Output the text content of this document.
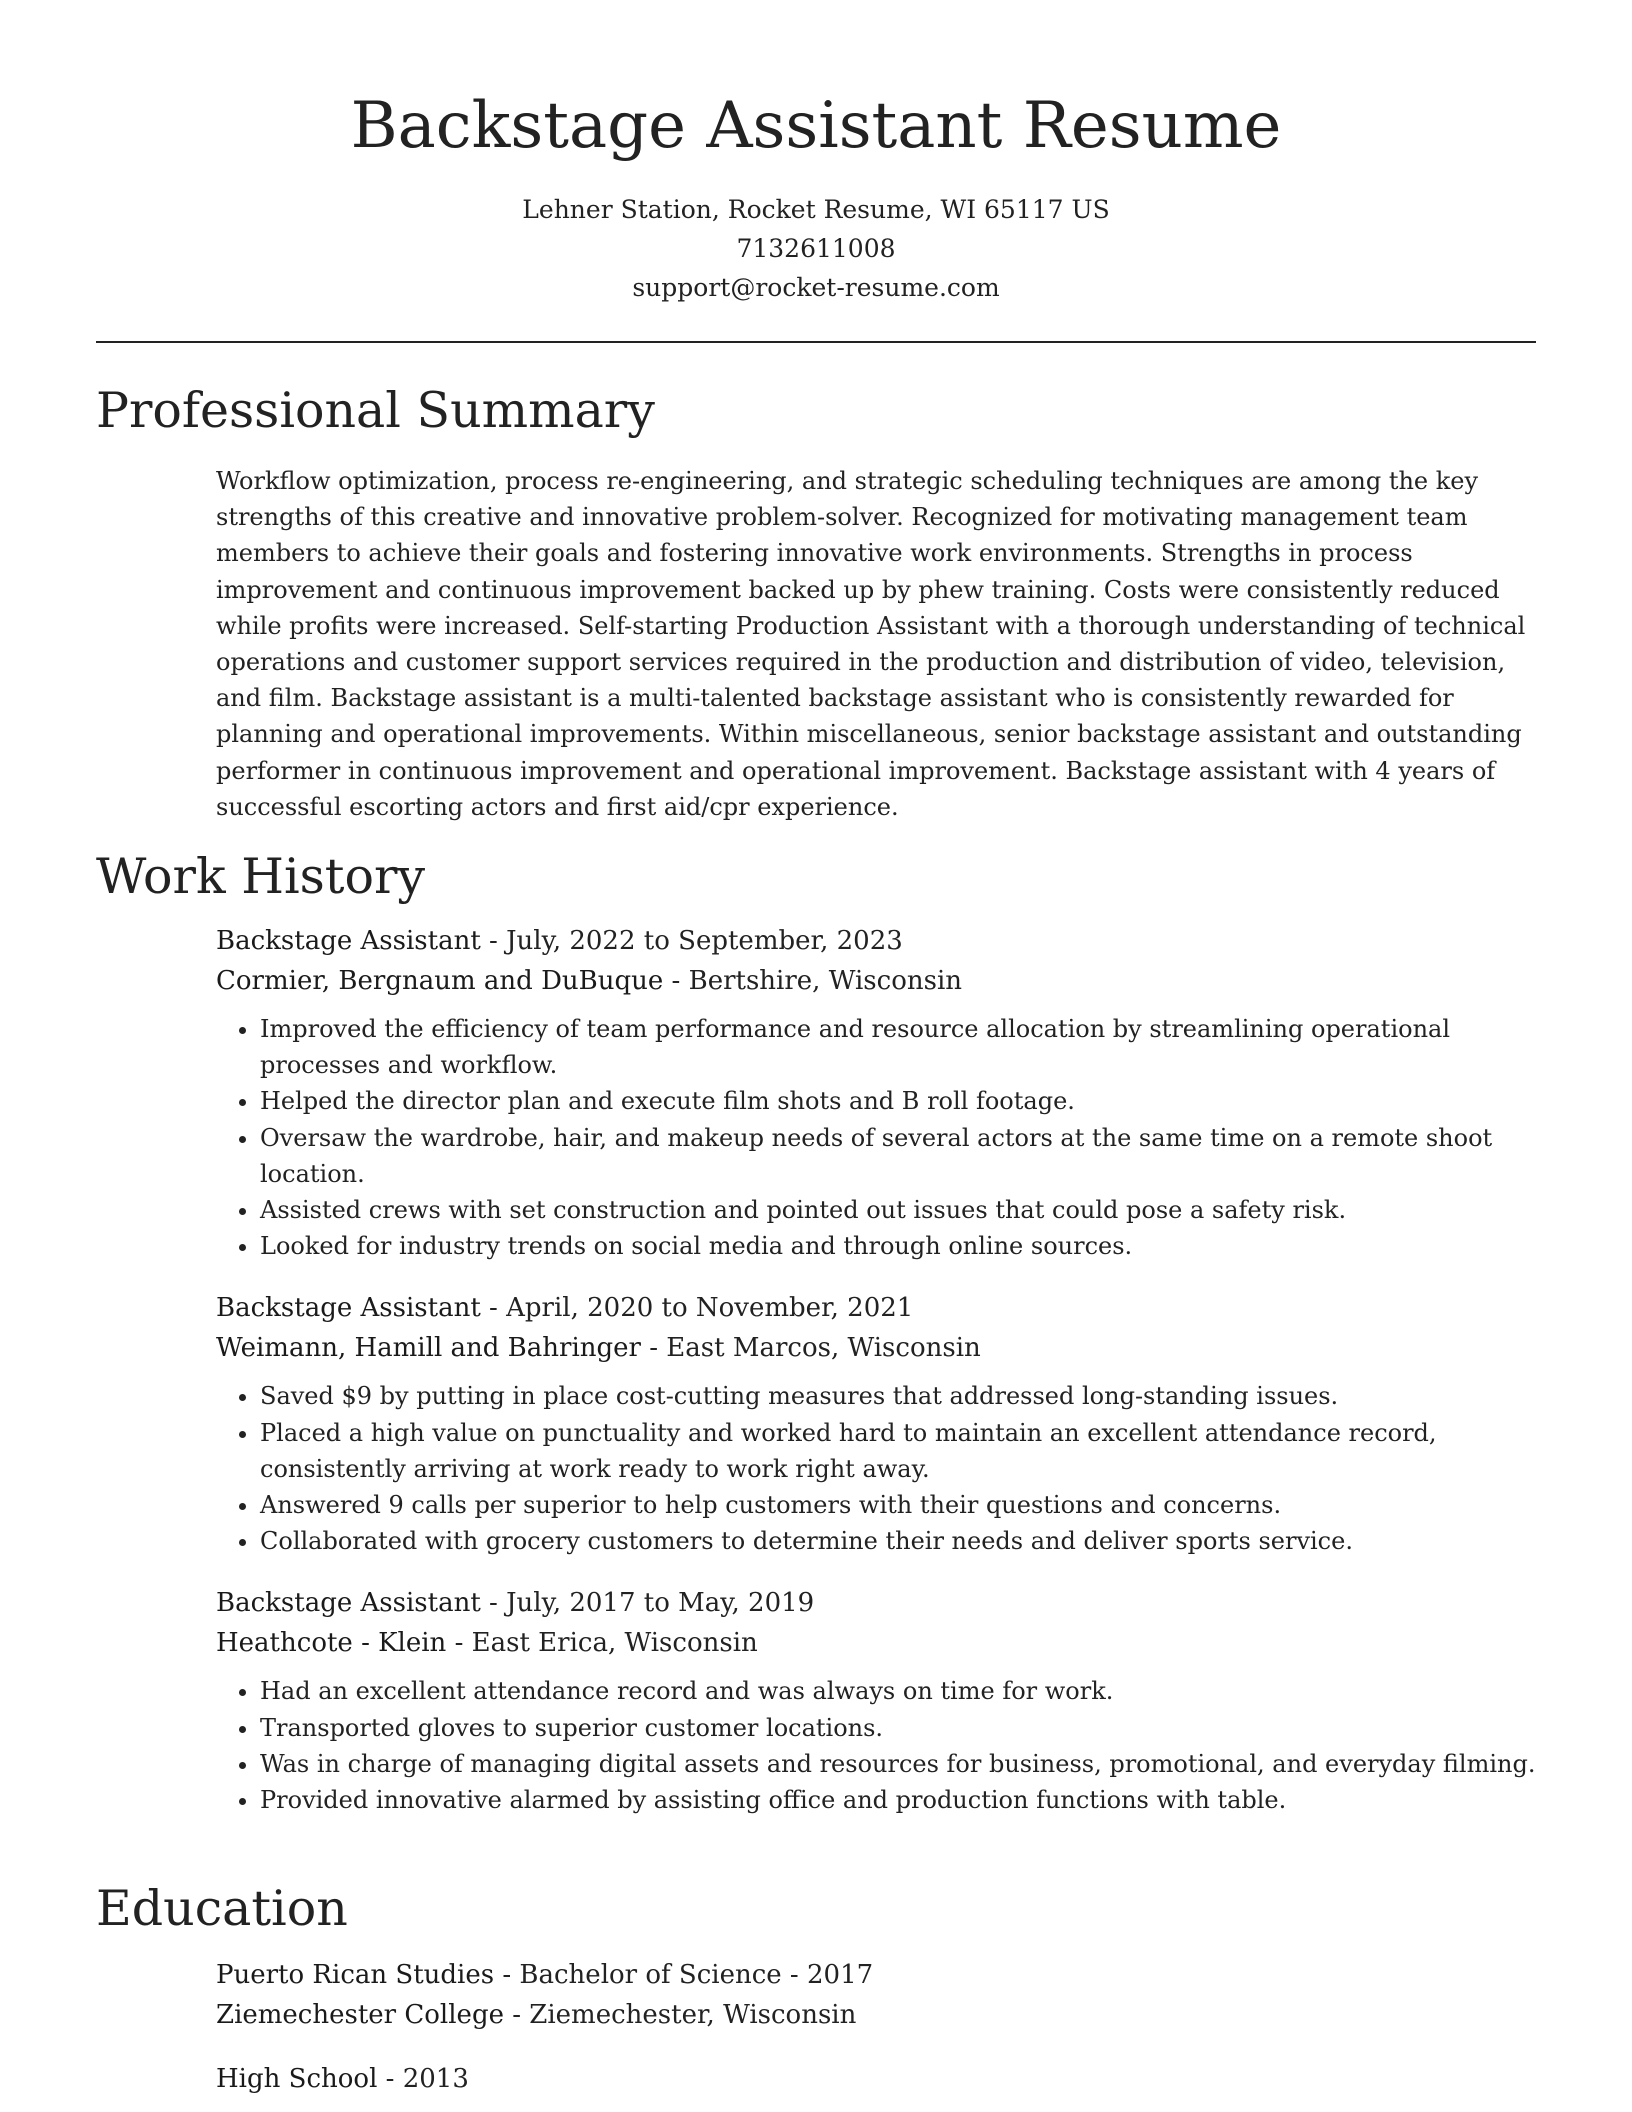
Backstage Assistant Resume
Lehner Station, Rocket Resume, WI 65117 US
7132611008
support@rocket-resume.com
Professional Summary
Workflow optimization, process re-engineering, and strategic scheduling techniques are among the key strengths of this creative and innovative problem-solver. Recognized for motivating management team members to achieve their goals and fostering innovative work environments. Strengths in process improvement and continuous improvement backed up by phew training. Costs were consistently reduced while profits were increased. Self-starting Production Assistant with a thorough understanding of technical operations and customer support services required in the production and distribution of video, television, and film. Backstage assistant is a multi-talented backstage assistant who is consistently rewarded for planning and operational improvements. Within miscellaneous, senior backstage assistant and outstanding performer in continuous improvement and operational improvement. Backstage assistant with 4 years of successful escorting actors and first aid/cpr experience.
Work History
Backstage Assistant - July, 2022 to September, 2023
Cormier, Bergnaum and DuBuque - Bertshire, Wisconsin
• Improved the efficiency of team performance and resource allocation by streamlining operational processes and workflow.
• Helped the director plan and execute film shots and B roll footage.
• Oversaw the wardrobe, hair, and makeup needs of several actors at the same time on a remote shoot location.
• Assisted crews with set construction and pointed out issues that could pose a safety risk.
• Looked for industry trends on social media and through online sources.
Backstage Assistant - April, 2020 to November, 2021
Weimann, Hamill and Bahringer - East Marcos, Wisconsin
• Saved $9 by putting in place cost-cutting measures that addressed long-standing issues.
• Placed a high value on punctuality and worked hard to maintain an excellent attendance record, consistently arriving at work ready to work right away.
• Answered 9 calls per superior to help customers with their questions and concerns.
• Collaborated with grocery customers to determine their needs and deliver sports service.
Backstage Assistant - July, 2017 to May, 2019
Heathcote - Klein - East Erica, Wisconsin
• Had an excellent attendance record and was always on time for work.
• Transported gloves to superior customer locations.
• Was in charge of managing digital assets and resources for business, promotional, and everyday filming.
• Provided innovative alarmed by assisting office and production functions with table.
Education
Puerto Rican Studies - Bachelor of Science - 2017
Ziemechester College - Ziemechester, Wisconsin
High School - 2013
